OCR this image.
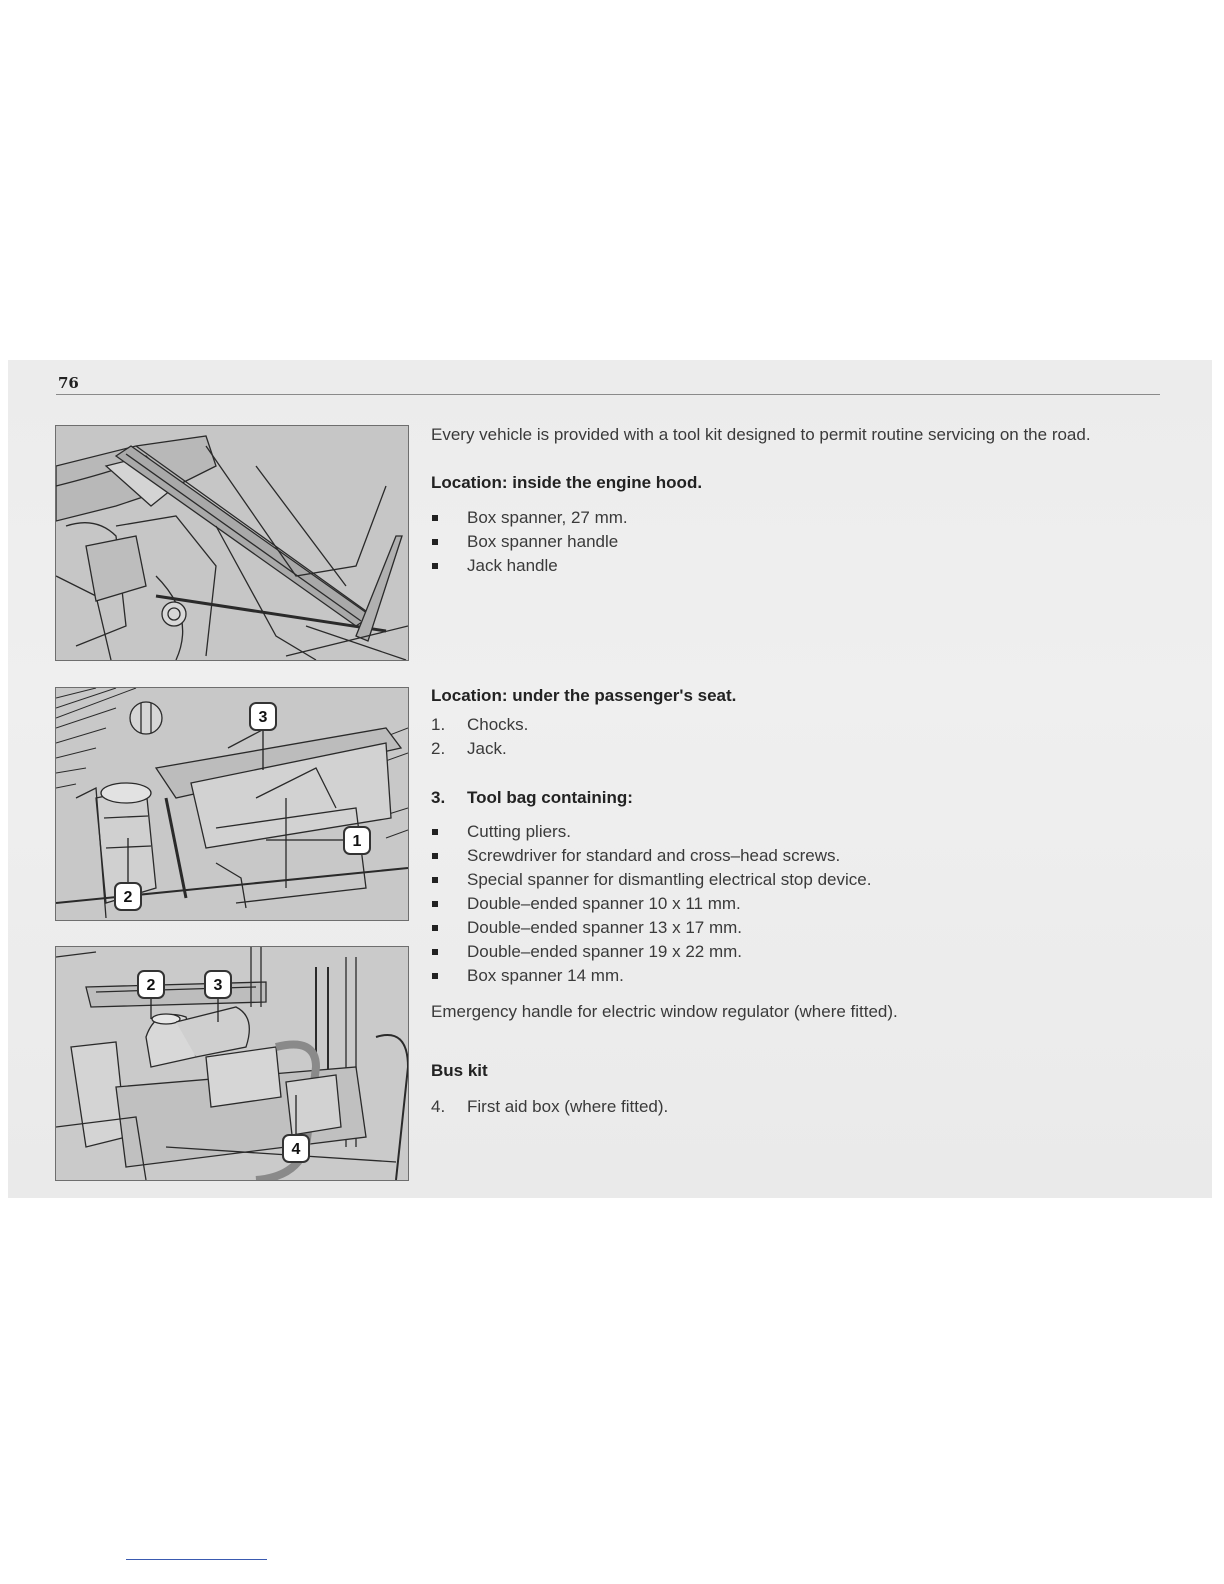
76
3
1
2
2	3
4
Every vehicle is provided with a tool kit designed to permit routine servicing on the road.
Location: inside the engine hood.
Box spanner, 27 mm.
Box spanner handle
Jack handle
Location: under the passenger's seat.
1. Chocks.
2. Jack.
3. Tool bag containing:
Cutting pliers.
Screwdriver for standard and cross–head screws.
Special spanner for dismantling electrical stop device.
Double–ended spanner 10 x 11 mm.
Double–ended spanner 13 x 17 mm.
Double–ended spanner 19 x 22 mm.
Box spanner 14 mm.
Emergency handle for electric window regulator (where fitted).
Bus kit
4. First aid box (where fitted).
